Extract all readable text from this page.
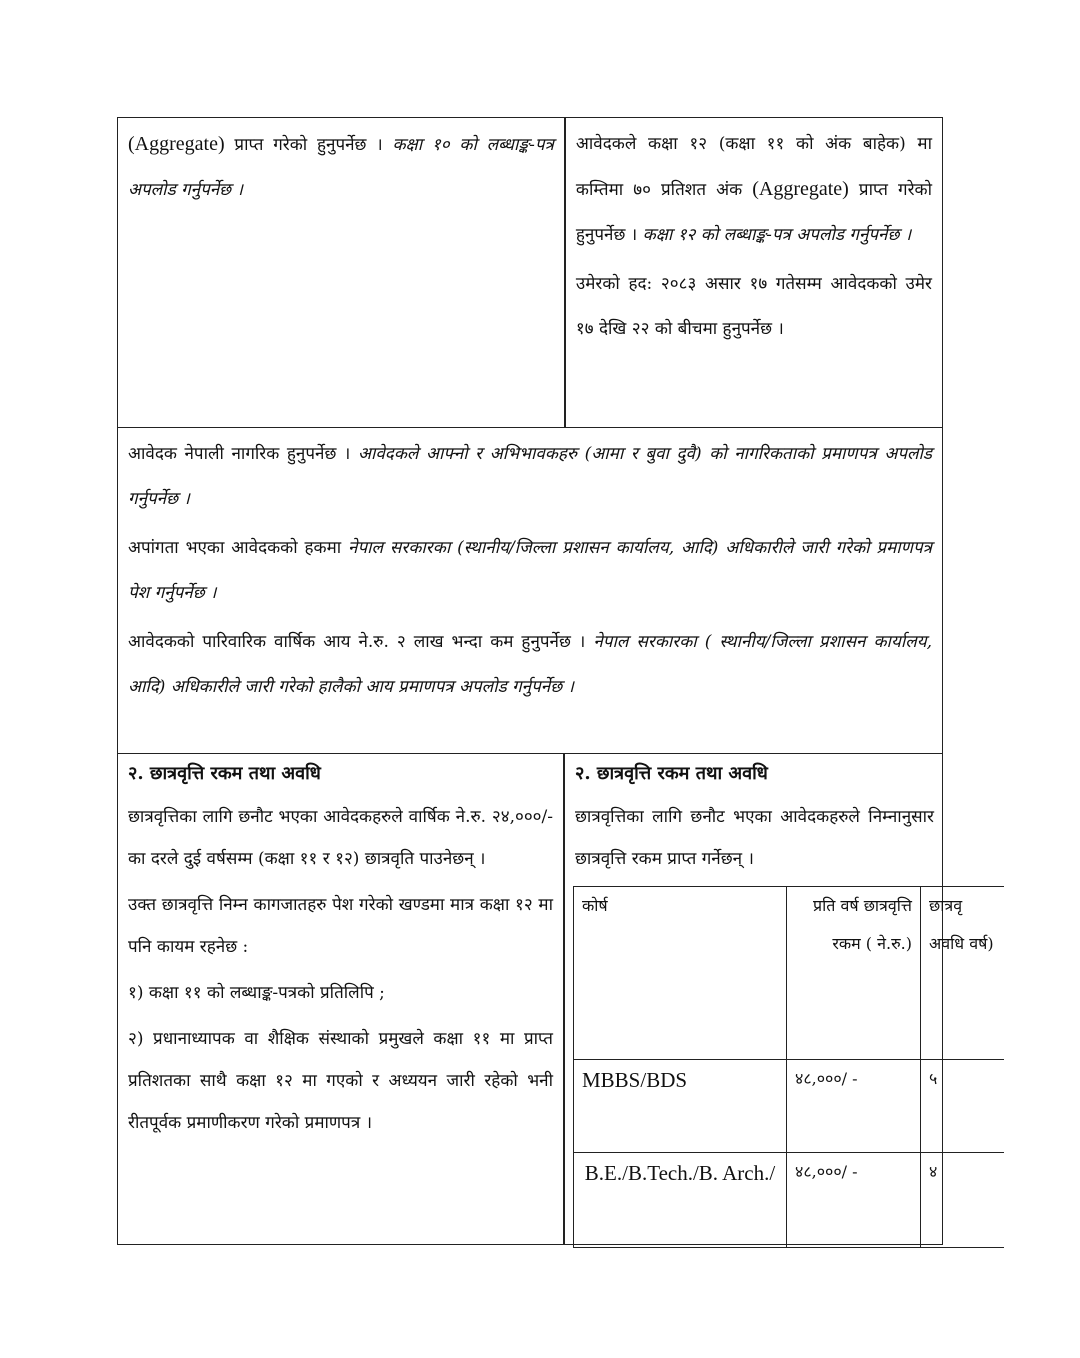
(Aggregate) प्राप्त गरेको हुनुपर्नेछ । कक्षा १० को लब्धाङ्क-पत्र अपलोड गर्नुपर्नेछ ।

आवेदकले कक्षा १२ (कक्षा ११ को अंक बाहेक) मा कम्तिमा ७० प्रतिशत अंक (Aggregate) प्राप्त गरेको हुनुपर्नेछ । कक्षा १२ को लब्धाङ्क-पत्र अपलोड गर्नुपर्नेछ ।

उमेरको हद: २०८३ असार १७ गतेसम्म आवेदकको उमेर १७ देखि २२ को बीचमा हुनुपर्नेछ ।

आवेदक नेपाली नागरिक हुनुपर्नेछ । आवेदकले आफ्नो र अभिभावकहरु (आमा र बुवा दुवै) को नागरिकताको प्रमाणपत्र अपलोड गर्नुपर्नेछ ।

अपांगता भएका आवेदकको हकमा नेपाल सरकारका (स्थानीय/जिल्ला प्रशासन कार्यालय, आदि) अधिकारीले जारी गरेको प्रमाणपत्र पेश गर्नुपर्नेछ ।

आवेदकको पारिवारिक वार्षिक आय ने.रु. २ लाख भन्दा कम हुनुपर्नेछ । नेपाल सरकारका ( स्थानीय/जिल्ला प्रशासन कार्यालय, आदि) अधिकारीले जारी गरेको हालैको आय प्रमाणपत्र अपलोड गर्नुपर्नेछ ।

२. छात्रवृत्ति रकम तथा अवधि

छात्रवृत्तिका लागि छनौट भएका आवेदकहरुले वार्षिक ने.रु. २४,०००/- का दरले दुई वर्षसम्म (कक्षा ११ र १२) छात्रवृति पाउनेछन् ।

उक्त छात्रवृत्ति निम्न कागजातहरु पेश गरेको खण्डमा मात्र कक्षा १२ मा पनि कायम रहनेछ :

१) कक्षा ११ को लब्धाङ्क-पत्रको प्रतिलिपि ;

२) प्रधानाध्यापक वा शैक्षिक संस्थाको प्रमुखले कक्षा ११ मा प्राप्त प्रतिशतका साथै कक्षा १२ मा गएको र अध्ययन जारी रहेको भनी रीतपूर्वक प्रमाणीकरण गरेको प्रमाणपत्र ।

२. छात्रवृत्ति रकम तथा अवधि

छात्रवृत्तिका लागि छनौट भएका आवेदकहरुले निम्नानुसार छात्रवृत्ति रकम प्राप्त गर्नेछन् ।

कोर्ष	प्रति वर्ष छात्रवृत्ति रकम ( ने.रु.)	छात्रवृ अवधि वर्ष)
MBBS/BDS	४८,०००/ -	५
B.E./B.Tech./B. Arch./	४८,०००/ -	४
